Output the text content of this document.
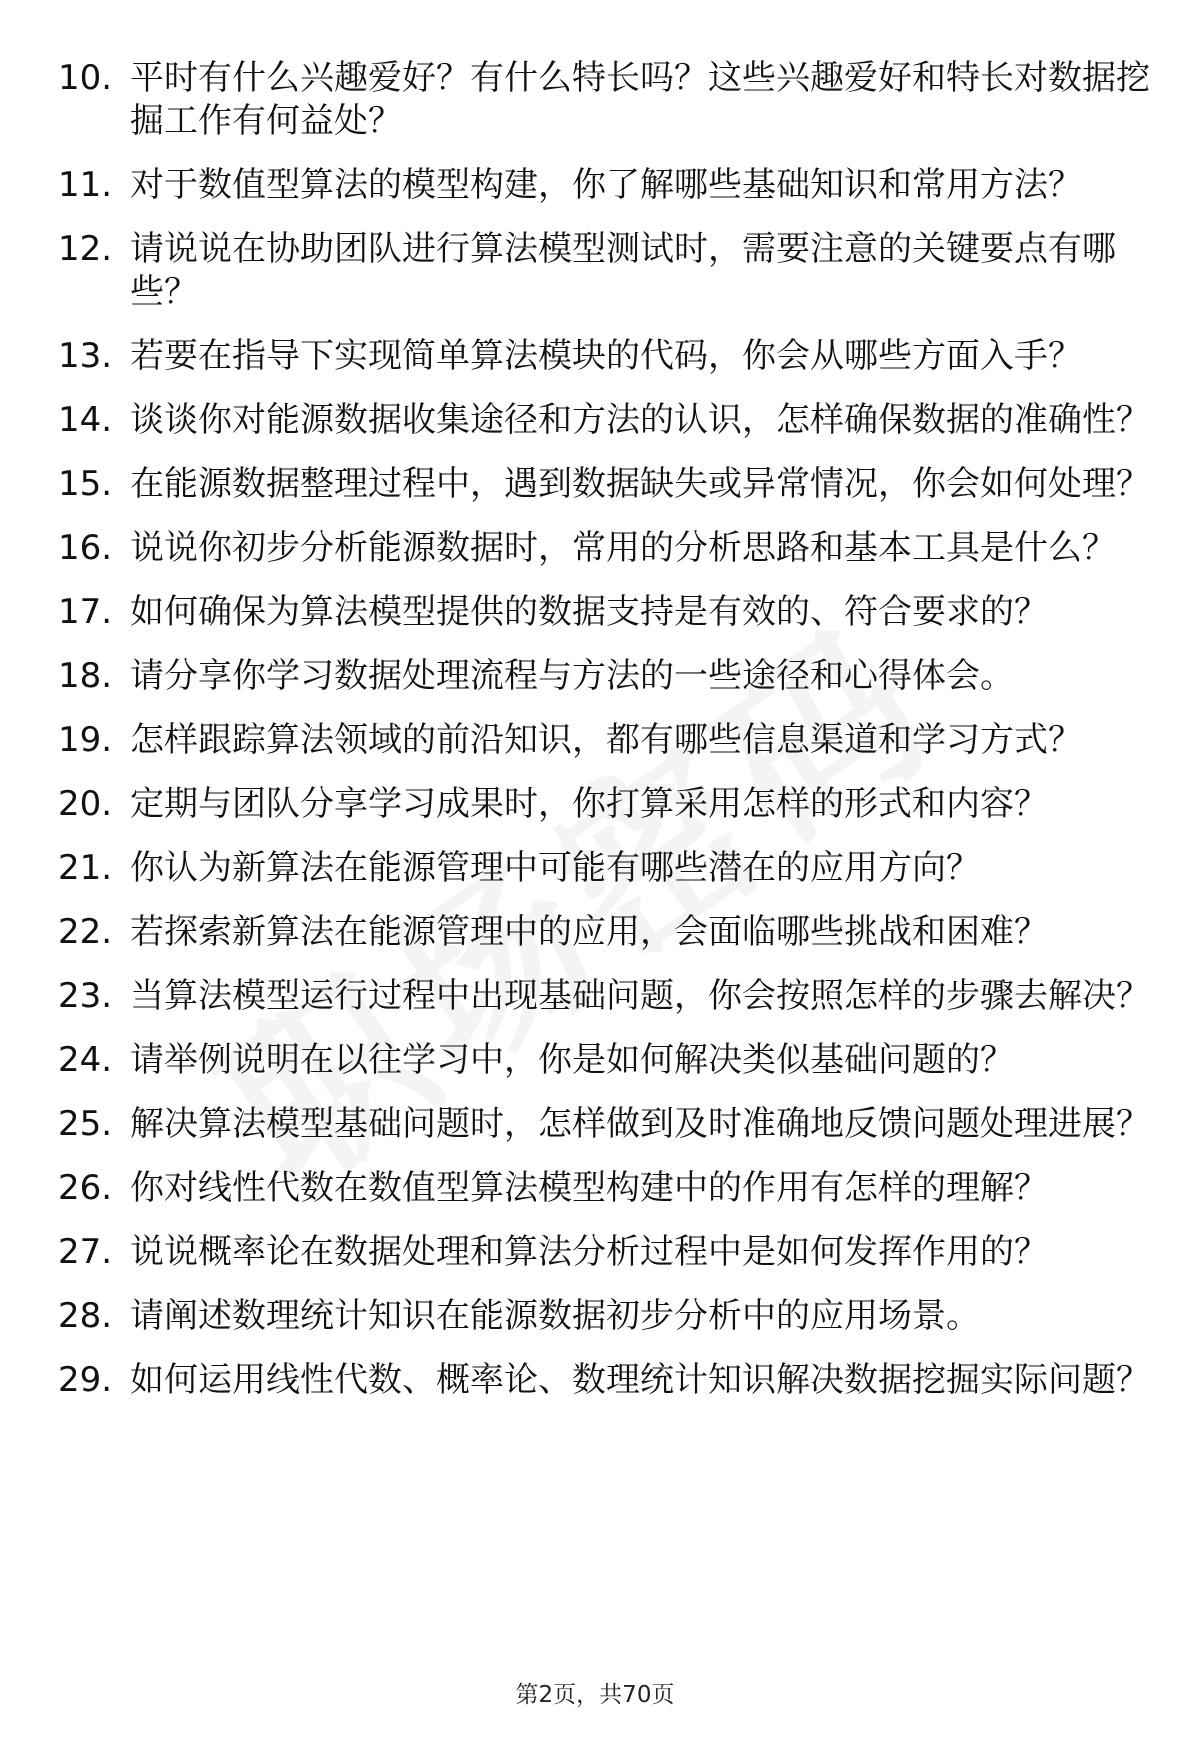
10. 平时有什么兴趣爱好？有什么特长吗？这些兴趣爱好和特长对数据挖掘工作有何益处？
11. 对于数值型算法的模型构建，你了解哪些基础知识和常用方法？
12. 请说说在协助团队进行算法模型测试时，需要注意的关键要点有哪些？
13. 若要在指导下实现简单算法模块的代码，你会从哪些方面入手？
14. 谈谈你对能源数据收集途径和方法的认识，怎样确保数据的准确性？
15. 在能源数据整理过程中，遇到数据缺失或异常情况，你会如何处理？
16. 说说你初步分析能源数据时，常用的分析思路和基本工具是什么？
17. 如何确保为算法模型提供的数据支持是有效的、符合要求的？
18. 请分享你学习数据处理流程与方法的一些途径和心得体会。
19. 怎样跟踪算法领域的前沿知识，都有哪些信息渠道和学习方式？
20. 定期与团队分享学习成果时，你打算采用怎样的形式和内容？
21. 你认为新算法在能源管理中可能有哪些潜在的应用方向？
22. 若探索新算法在能源管理中的应用，会面临哪些挑战和困难？
23. 当算法模型运行过程中出现基础问题，你会按照怎样的步骤去解决？
24. 请举例说明在以往学习中，你是如何解决类似基础问题的？
25. 解决算法模型基础问题时，怎样做到及时准确地反馈问题处理进展？
26. 你对线性代数在数值型算法模型构建中的作用有怎样的理解？
27. 说说概率论在数据处理和算法分析过程中是如何发挥作用的？
28. 请阐述数理统计知识在能源数据初步分析中的应用场景。
29. 如何运用线性代数、概率论、数理统计知识解决数据挖掘实际问题？
第2页，共70页
